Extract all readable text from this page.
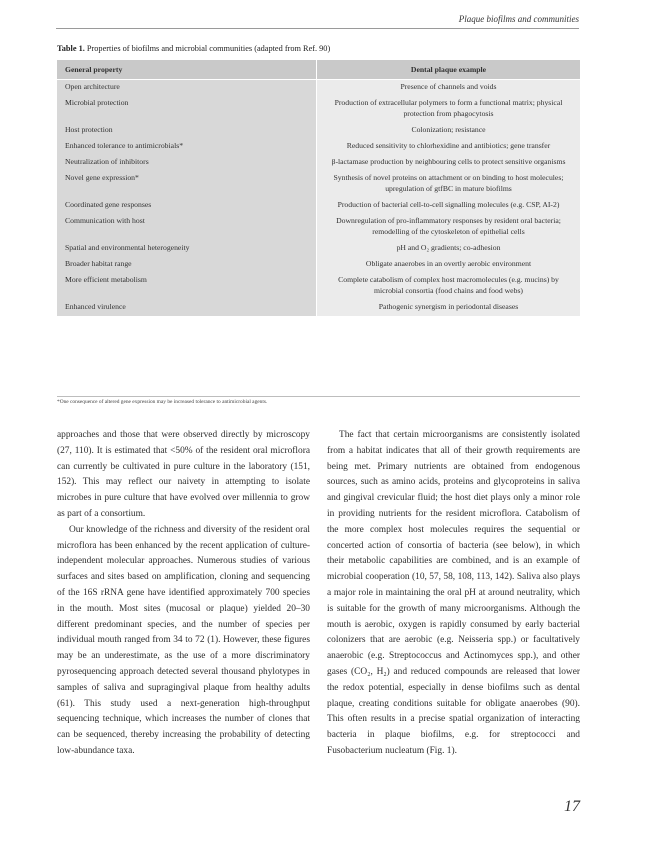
Plaque biofilms and communities
Table 1. Properties of biofilms and microbial communities (adapted from Ref. 90)
General property	Dental plaque example
Open architecture	Presence of channels and voids
Microbial protection	Production of extracellular polymers to form a functional matrix; physical protection from phagocytosis
Host protection	Colonization; resistance
Enhanced tolerance to antimicrobials*	Reduced sensitivity to chlorhexidine and antibiotics; gene transfer
Neutralization of inhibitors	β-lactamase production by neighbouring cells to protect sensitive organisms
Novel gene expression*	Synthesis of novel proteins on attachment or on binding to host molecules; upregulation of gtfBC in mature biofilms
Coordinated gene responses	Production of bacterial cell-to-cell signalling molecules (e.g. CSP, AI-2)
Communication with host	Downregulation of pro-inflammatory responses by resident oral bacteria; remodelling of the cytoskeleton of epithelial cells
Spatial and environmental heterogeneity	pH and O₂ gradients; co-adhesion
Broader habitat range	Obligate anaerobes in an overtly aerobic environment
More efficient metabolism	Complete catabolism of complex host macromolecules (e.g. mucins) by microbial consortia (food chains and food webs)
Enhanced virulence	Pathogenic synergism in periodontal diseases
*One consequence of altered gene expression may be increased tolerance to antimicrobial agents.

approaches and those that were observed directly by microscopy (27, 110). It is estimated that <50% of the resident oral microflora can currently be cultivated in pure culture in the laboratory (151, 152). This may reflect our naivety in attempting to isolate microbes in pure culture that have evolved over millennia to grow as part of a consortium.

Our knowledge of the richness and diversity of the resident oral microflora has been enhanced by the recent application of culture-independent molecular approaches. Numerous studies of various surfaces and sites based on amplification, cloning and sequencing of the 16S rRNA gene have identified approximately 700 species in the mouth. Most sites (mucosal or plaque) yielded 20–30 different predominant species, and the number of species per individual mouth ranged from 34 to 72 (1). However, these figures may be an underestimate, as the use of a more discriminatory pyrosequencing approach detected several thousand phylotypes in samples of saliva and supragingival plaque from healthy adults (61). This study used a next-generation high-throughput sequencing technique, which increases the number of clones that can be sequenced, thereby increasing the probability of detecting low-abundance taxa.

The fact that certain microorganisms are consistently isolated from a habitat indicates that all of their growth requirements are being met. Primary nutrients are obtained from endogenous sources, such as amino acids, proteins and glycoproteins in saliva and gingival crevicular fluid; the host diet plays only a minor role in providing nutrients for the resident microflora. Catabolism of the more complex host molecules requires the sequential or concerted action of consortia of bacteria (see below), in which their metabolic capabilities are combined, and is an example of microbial cooperation (10, 57, 58, 108, 113, 142). Saliva also plays a major role in maintaining the oral pH at around neutrality, which is suitable for the growth of many microorganisms. Although the mouth is aerobic, oxygen is rapidly consumed by early bacterial colonizers that are aerobic (e.g. Neisseria spp.) or facultatively anaerobic (e.g. Streptococcus and Actinomyces spp.), and other gases (CO₂, H₂) and reduced compounds are released that lower the redox potential, especially in dense biofilms such as dental plaque, creating conditions suitable for obligate anaerobes (90). This often results in a precise spatial organization of interacting bacteria in plaque biofilms, e.g. for streptococci and Fusobacterium nucleatum (Fig. 1).

17
